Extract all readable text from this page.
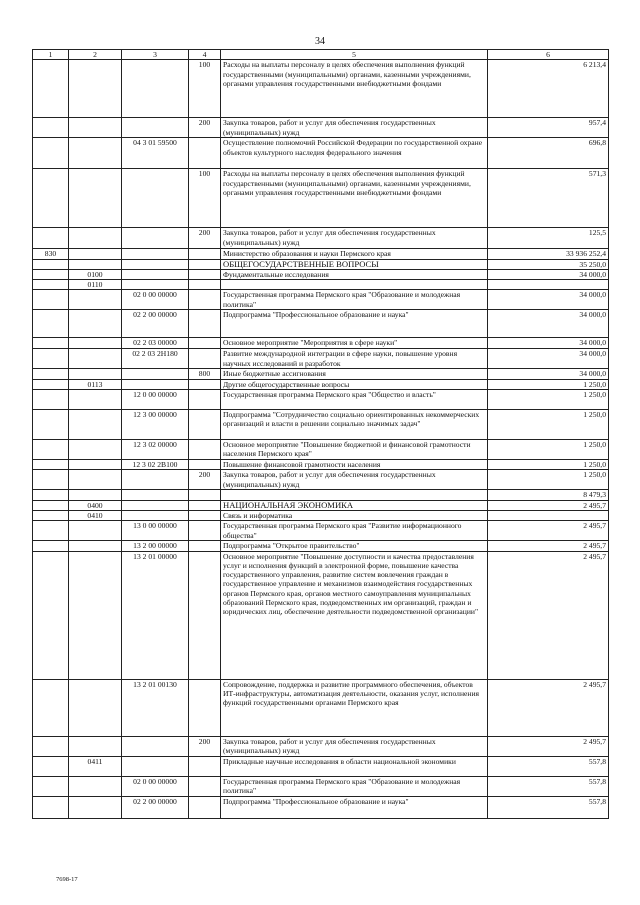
34
1	2	3	4	5	6
			100	Расходы на выплаты персоналу в целях обеспечения выполнения функций государственными (муниципальными) органами, казенными учреждениями, органами управления государственными внебюджетными фондами	6 213,4
			200	Закупка товаров, работ и услуг для обеспечения государственных (муниципальных) нужд	957,4
		04 3 01 59500		Осуществление полномочий Российской Федерации по государственной охране объектов культурного наследия федерального значения	696,8
			100	Расходы на выплаты персоналу в целях обеспечения выполнения функций государственными (муниципальными) органами, казенными учреждениями, органами управления государственными внебюджетными фондами	571,3
			200	Закупка товаров, работ и услуг для обеспечения государственных (муниципальных) нужд	125,5
830				Министерство образования и науки Пермского края	33 936 252,4
				ОБЩЕГОСУДАРСТВЕННЫЕ ВОПРОСЫ	35 250,0
	0100			Фундаментальные исследования	34 000,0
	0110				
		02 0 00 00000		Государственная программа Пермского края "Образование и молодежная политика"	34 000,0
		02 2 00 00000		Подпрограмма "Профессиональное образование и наука"	34 000,0
		02 2 03 00000		Основное мероприятие "Мероприятия в сфере науки"	34 000,0
		02 2 03 2Н180		Развитие международной интеграции в сфере науки, повышение уровня научных исследований и разработок	34 000,0
			800	Иные бюджетные ассигнования	34 000,0
	0113			Другие общегосударственные вопросы	1 250,0
		12 0 00 00000		Государственная программа Пермского края "Общество и власть"	1 250,0
		12 3 00 00000		Подпрограмма "Сотрудничество социально ориентированных некоммерческих организаций и власти в решении социально значимых задач"	1 250,0
		12 3 02 00000		Основное мероприятие "Повышение бюджетной и финансовой грамотности населения Пермского края"	1 250,0
		12 3 02 2В100		Повышение финансовой грамотности населения	1 250,0
			200	Закупка товаров, работ и услуг для обеспечения государственных (муниципальных) нужд	1 250,0
					8 479,3
	0400			НАЦИОНАЛЬНАЯ ЭКОНОМИКА	2 495,7
	0410			Связь и информатика	
		13 0 00 00000		Государственная программа Пермского края "Развитие информационного общества"	2 495,7
		13 2 00 00000		Подпрограмма "Открытое правительство"	2 495,7
		13 2 01 00000		Основное мероприятие "Повышение доступности и качества предоставления услуг и исполнения функций в электронной форме, повышение качества государственного управления, развитие систем вовлечения граждан в государственное управление и механизмов взаимодействия государственных органов Пермского края, органов местного самоуправления муниципальных образований Пермского края, подведомственных им организаций, граждан и юридических лиц, обеспечение деятельности подведомственной организации"	2 495,7
		13 2 01 00130		Сопровождение, поддержка и развитие программного обеспечения, объектов ИТ-инфраструктуры, автоматизация деятельности, оказания услуг, исполнения функций государственными органами Пермского края	2 495,7
			200	Закупка товаров, работ и услуг для обеспечения государственных (муниципальных) нужд	2 495,7
	0411			Прикладные научные исследования в области национальной экономики	557,8
		02 0 00 00000		Государственная программа Пермского края "Образование и молодежная политика"	557,8
		02 2 00 00000		Подпрограмма "Профессиональное образование и наука"	557,8
7698-17
